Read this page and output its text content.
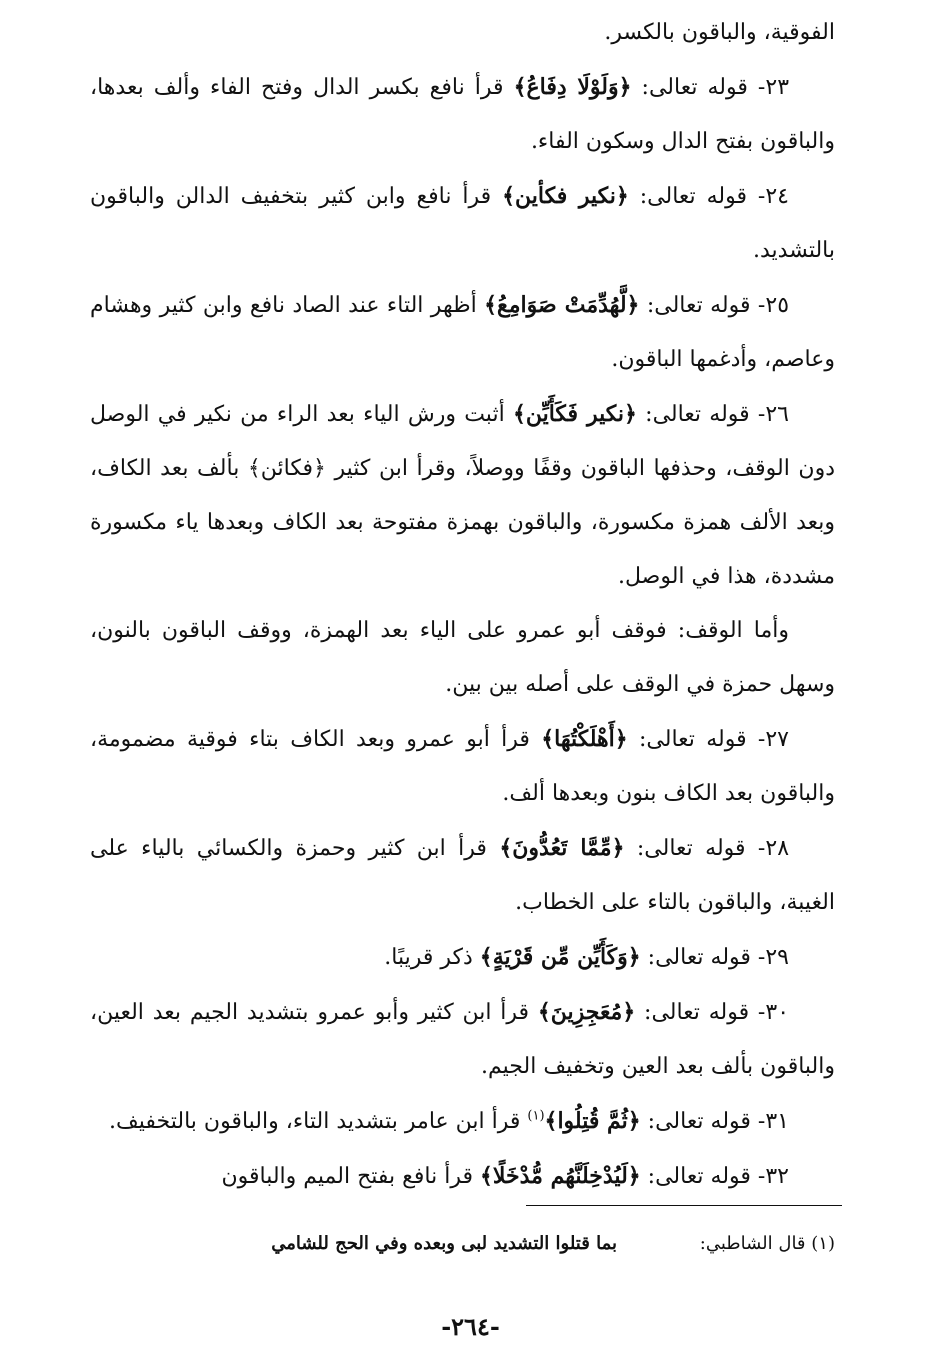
الفوقية، والباقون بالكسر.

٢٣- قوله تعالى: ﴿وَلَوْلَا دِفَاعُ﴾ قرأ نافع بكسر الدال وفتح الفاء وألف بعدها، والباقون بفتح الدال وسكون الفاء.

٢٤- قوله تعالى: ﴿نكير فكأين﴾ قرأ نافع وابن كثير بتخفيف الدالن والباقون بالتشديد.

٢٥- قوله تعالى: ﴿لَّهُدِّمَتْ صَوَامِعُ﴾ أظهر التاء عند الصاد نافع وابن كثير وهشام وعاصم، وأدغمها الباقون.

٢٦- قوله تعالى: ﴿نكير فَكَأَيِّن﴾ أثبت ورش الياء بعد الراء من نكير في الوصل دون الوقف، وحذفها الباقون وقفًا ووصلاً، وقرأ ابن كثير ﴿فكائن﴾ بألف بعد الكاف، وبعد الألف همزة مكسورة، والباقون بهمزة مفتوحة بعد الكاف وبعدها ياء مكسورة مشددة، هذا في الوصل.

وأما الوقف: فوقف أبو عمرو على الياء بعد الهمزة، ووقف الباقون بالنون، وسهل حمزة في الوقف على أصله بين بين.

٢٧- قوله تعالى: ﴿أَهْلَكْتُهَا﴾ قرأ أبو عمرو وبعد الكاف بتاء فوقية مضمومة، والباقون بعد الكاف بنون وبعدها ألف.

٢٨- قوله تعالى: ﴿مِّمَّا تَعُدُّونَ﴾ قرأ ابن كثير وحمزة والكسائي بالياء على الغيبة، والباقون بالتاء على الخطاب.

٢٩- قوله تعالى: ﴿وَكَأَيِّن مِّن قَرْيَةٍ﴾ ذكر قريبًا.

٣٠- قوله تعالى: ﴿مُعَجِزِينَ﴾ قرأ ابن كثير وأبو عمرو بتشديد الجيم بعد العين، والباقون بألف بعد العين وتخفيف الجيم.

٣١- قوله تعالى: ﴿ثُمَّ قُتِلُوا﴾$^{(١)}$ قرأ ابن عامر بتشديد التاء، والباقون بالتخفيف.

٣٢- قوله تعالى: ﴿لَيُدْخِلَنَّهُم مُّدْخَلًا﴾ قرأ نافع بفتح الميم والباقون

(١) قال الشاطبي:
بما قتلوا التشديد لبى وبعده وفي الحج للشامي
-٢٦٤-
